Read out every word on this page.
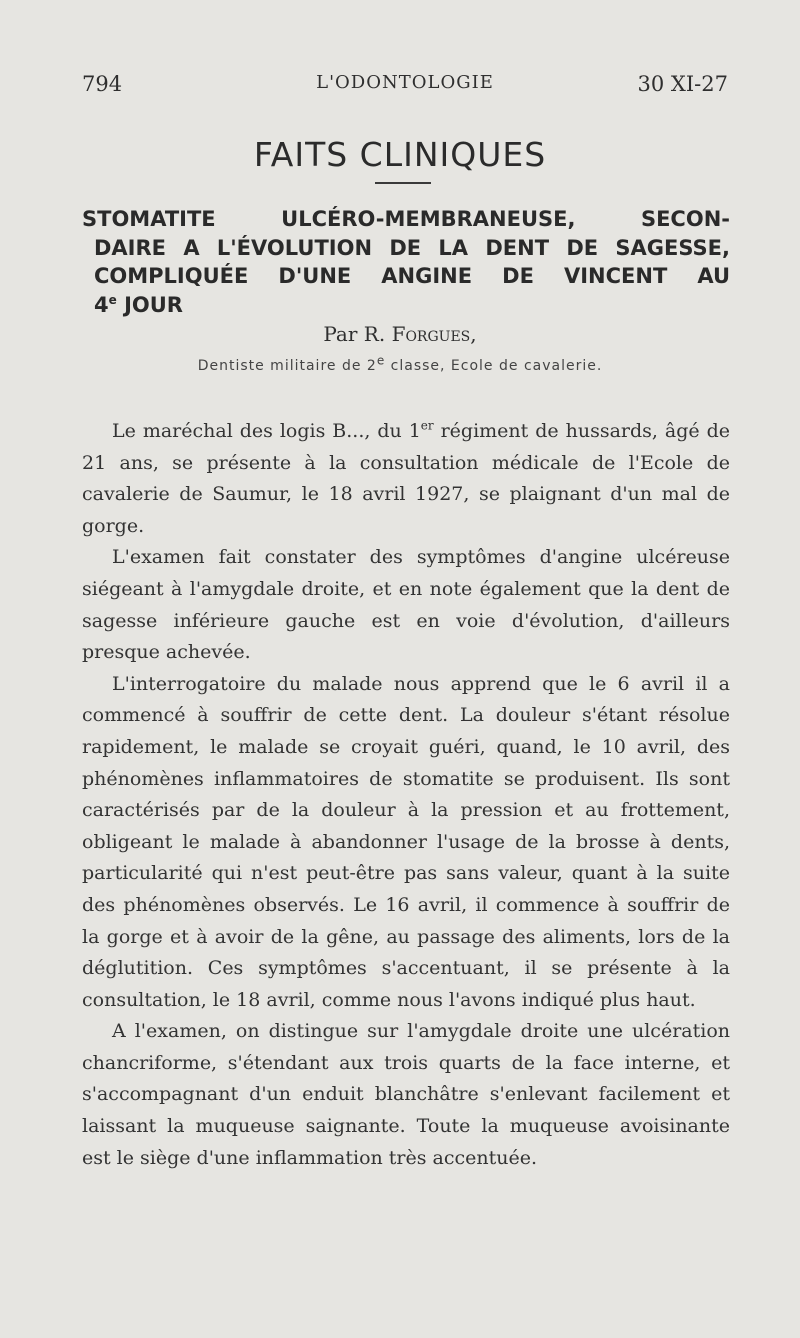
794	L'ODONTOLOGIE	30 XI-27
FAITS CLINIQUES
STOMATITE ULCÉRO-MEMBRANEUSE, SECON-
DAIRE A L'ÉVOLUTION DE LA DENT DE SAGESSE,
COMPLIQUÉE D'UNE ANGINE DE VINCENT AU
4e JOUR
Par R. Forgues,
Dentiste militaire de 2e classe, Ecole de cavalerie.

Le maréchal des logis B..., du 1er régiment de hussards, âgé de 21 ans, se présente à la consultation médicale de l'Ecole de cavalerie de Saumur, le 18 avril 1927, se plaignant d'un mal de gorge.

L'examen fait constater des symptômes d'angine ulcéreuse siégeant à l'amygdale droite, et en note également que la dent de sagesse inférieure gauche est en voie d'évolution, d'ailleurs presque achevée.

L'interrogatoire du malade nous apprend que le 6 avril il a commencé à souffrir de cette dent. La douleur s'étant résolue rapidement, le malade se croyait guéri, quand, le 10 avril, des phénomènes inflammatoires de stomatite se produisent. Ils sont caractérisés par de la douleur à la pression et au frottement, obligeant le malade à abandonner l'usage de la brosse à dents, particularité qui n'est peut-être pas sans valeur, quant à la suite des phénomènes observés. Le 16 avril, il commence à souffrir de la gorge et à avoir de la gêne, au passage des aliments, lors de la déglutition. Ces symptômes s'accentuant, il se présente à la consultation, le 18 avril, comme nous l'avons indiqué plus haut.

A l'examen, on distingue sur l'amygdale droite une ulcération chancriforme, s'étendant aux trois quarts de la face interne, et s'accompagnant d'un enduit blanchâtre s'enlevant facilement et laissant la muqueuse saignante. Toute la muqueuse avoisinante est le siège d'une inflammation très accentuée.
